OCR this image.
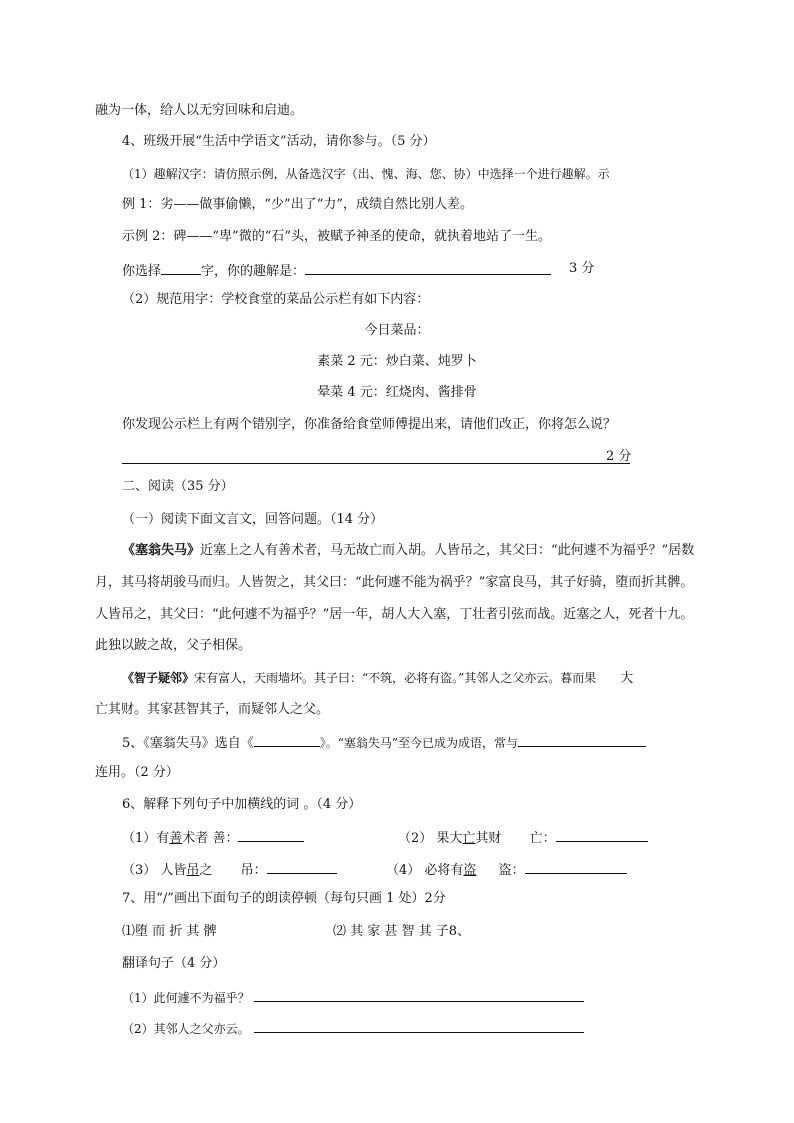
融为一体，给人以无穷回味和启迪。
4、班级开展“生活中学语文”活动，请你参与。（5 分）
（1）趣解汉字：请仿照示例，从备选汉字（出、愧、海、您、协）中选择一个进行趣解。示
例 1：劣——做事偷懒，“少”出了“力”，成绩自然比别人差。
示例 2：碑——“卑”微的“石”头，被赋予神圣的使命，就执着地站了一生。
你选择	字，你的趣解是：	3 分
（2）规范用字：学校食堂的菜品公示栏有如下内容：
今日菜品：
素菜 2 元：炒白菜、炖罗卜
晕菜 4 元：红烧肉、酱排骨
你发现公示栏上有两个错别字，你准备给食堂师傅提出来，请他们改正，你将怎么说？
2 分
二、阅读（35 分）
（一）阅读下面文言文，回答问题。（14 分）
《塞翁失马》近塞上之人有善术者，马无故亡而入胡。人皆吊之，其父曰：“此何遽不为福乎？”居数
月，其马将胡骏马而归。人皆贺之，其父曰：“此何遽不能为祸乎？”家富良马，其子好骑，堕而折其髀。
人皆吊之，其父曰：“此何遽不为福乎？”居一年，胡人大入塞，丁壮者引弦而战。近塞之人，死者十九。
此独以跛之故，父子相保。
《智子疑邻》宋有富人，天雨墙坏。其子曰：“不筑，必将有盗。”其邻人之父亦云。暮而果 大
亡其财。其家甚智其子，而疑邻人之父。
5、《塞翁失马》选自《	》。“塞翁失马”至今已成为成语，常与
连用。（2 分）
6、解释下列句子中加横线的词 。（4 分）
（1）有善术者 善：	（2） 果大亡其财 亡：
（3） 人皆吊之 吊：	（4） 必将有盗 盗：
7、用“/”画出下面句子的朗读停顿（每句只画 1 处）2分
⑴堕 而 折 其 髀	⑵ 其 家 甚 智 其 子8、
翻译句子（4 分）
（1）此何遽不为福乎？
（2）其邻人之父亦云。
